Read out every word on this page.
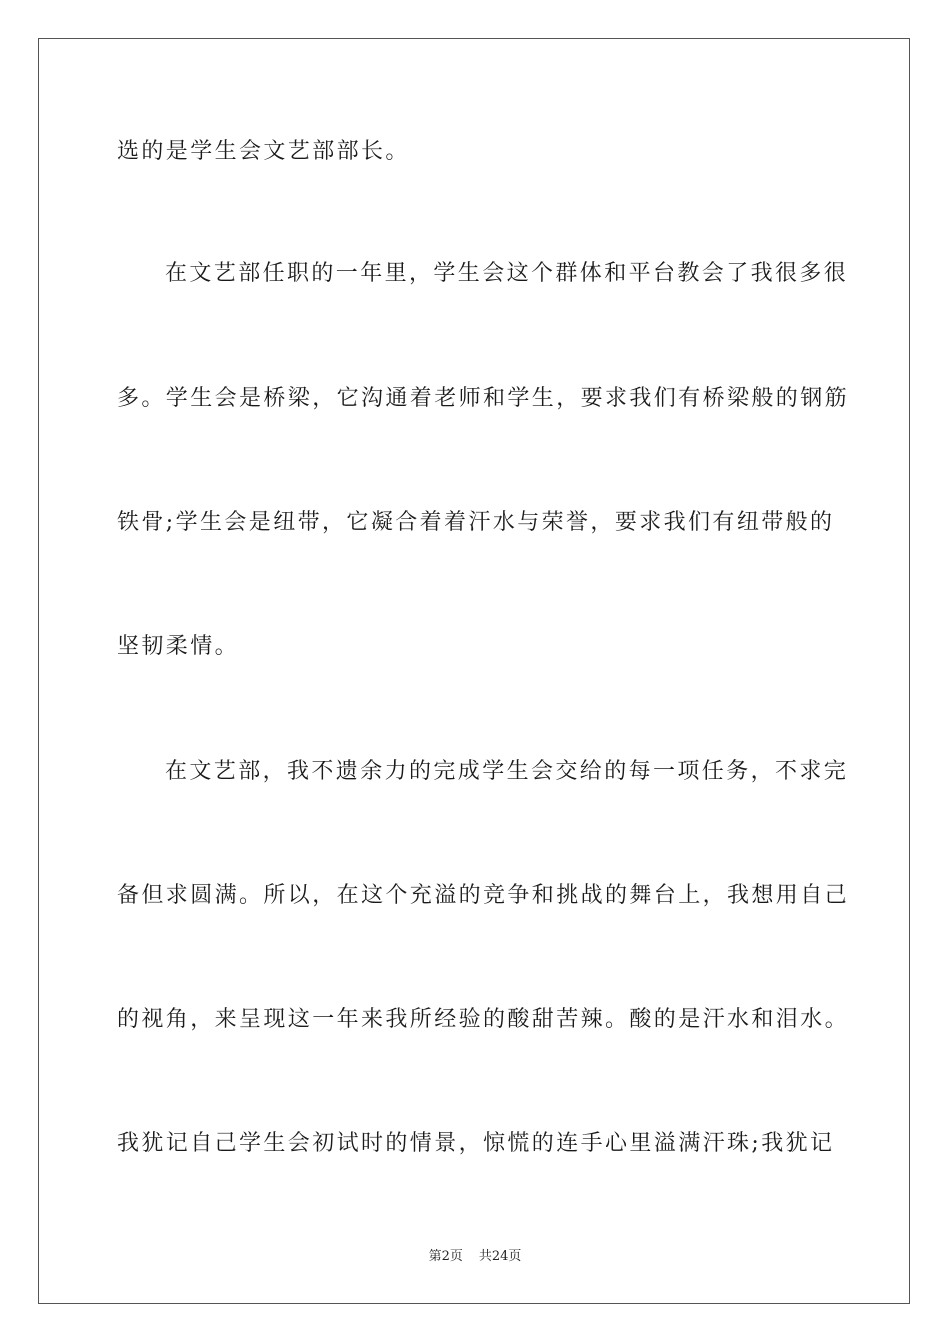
选的是学生会文艺部部长。
在文艺部任职的一年里，学生会这个群体和平台教会了我很多很
多。学生会是桥梁，它沟通着老师和学生，要求我们有桥梁般的钢筋
铁骨;学生会是纽带，它凝合着着汗水与荣誉，要求我们有纽带般的
坚韧柔情。
在文艺部，我不遗余力的完成学生会交给的每一项任务，不求完
备但求圆满。所以，在这个充溢的竞争和挑战的舞台上，我想用自己
的视角，来呈现这一年来我所经验的酸甜苦辣。酸的是汗水和泪水。
我犹记自己学生会初试时的情景，惊慌的连手心里溢满汗珠;我犹记
第2页 共24页
